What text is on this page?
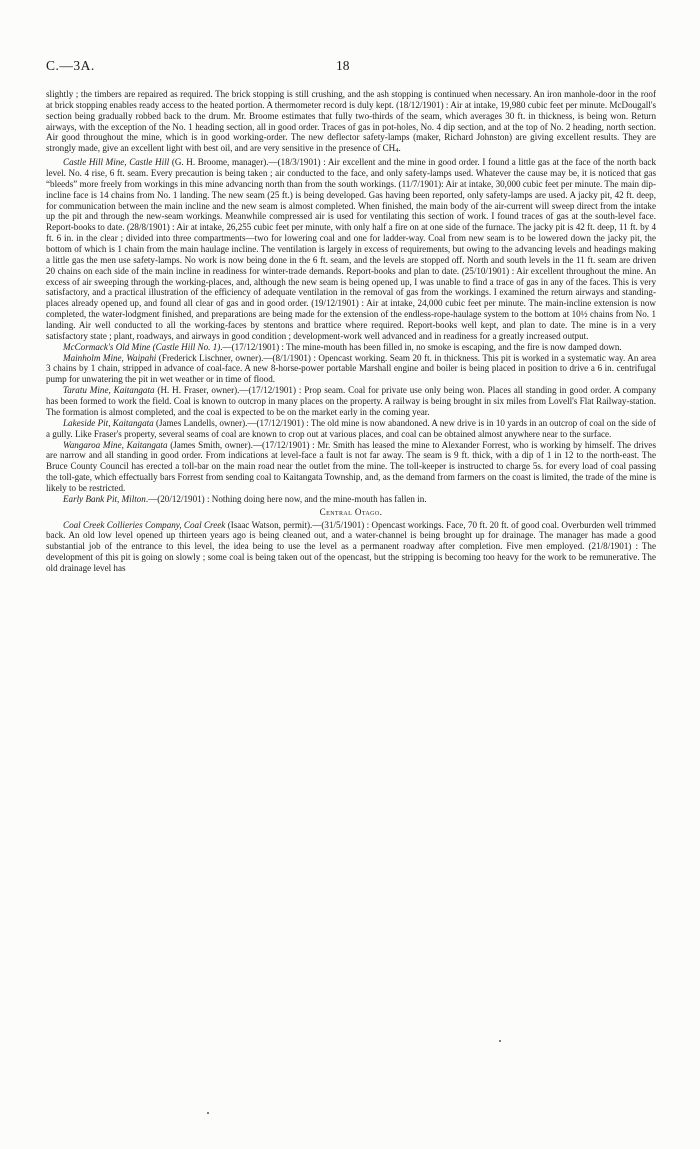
C.—3A.	18

slightly ; the timbers are repaired as required. The brick stopping is still crushing, and the ash stopping is continued when necessary. An iron manhole-door in the roof at brick stopping enables ready access to the heated portion. A thermometer record is duly kept. (18/12/1901) : Air at intake, 19,980 cubic feet per minute. McDougall's section being gradually robbed back to the drum. Mr. Broome estimates that fully two-thirds of the seam, which averages 30 ft. in thickness, is being won. Return airways, with the exception of the No. 1 heading section, all in good order. Traces of gas in pot-holes, No. 4 dip section, and at the top of No. 2 heading, north section. Air good throughout the mine, which is in good working-order. The new deflector safety-lamps (maker, Richard Johnston) are giving excellent results. They are strongly made, give an excellent light with best oil, and are very sensitive in the presence of CH4.

Castle Hill Mine, Castle Hill (G. H. Broome, manager).—(18/3/1901) : Air excellent and the mine in good order. I found a little gas at the face of the north back level. No. 4 rise, 6 ft. seam. Every precaution is being taken ; air conducted to the face, and only safety-lamps used. Whatever the cause may be, it is noticed that gas “bleeds” more freely from workings in this mine advancing north than from the south workings. (11/7/1901): Air at intake, 30,000 cubic feet per minute. The main dip-incline face is 14 chains from No. 1 landing. The new seam (25 ft.) is being developed. Gas having been reported, only safety-lamps are used. A jacky pit, 42 ft. deep, for communication between the main incline and the new seam is almost completed. When finished, the main body of the air-current will sweep direct from the intake up the pit and through the new-seam workings. Meanwhile compressed air is used for ventilating this section of work. I found traces of gas at the south-level face. Report-books to date. (28/8/1901) : Air at intake, 26,255 cubic feet per minute, with only half a fire on at one side of the furnace. The jacky pit is 42 ft. deep, 11 ft. by 4 ft. 6 in. in the clear ; divided into three compartments—two for lowering coal and one for ladder-way. Coal from new seam is to be lowered down the jacky pit, the bottom of which is 1 chain from the main haulage incline. The ventilation is largely in excess of requirements, but owing to the advancing levels and headings making a little gas the men use safety-lamps. No work is now being done in the 6 ft. seam, and the levels are stopped off. North and south levels in the 11 ft. seam are driven 20 chains on each side of the main incline in readiness for winter-trade demands. Report-books and plan to date. (25/10/1901) : Air excellent throughout the mine. An excess of air sweeping through the working-places, and, although the new seam is being opened up, I was unable to find a trace of gas in any of the faces. This is very satisfactory, and a practical illustration of the efficiency of adequate ventilation in the removal of gas from the workings. I examined the return airways and standing-places already opened up, and found all clear of gas and in good order. (19/12/1901) : Air at intake, 24,000 cubic feet per minute. The main-incline extension is now completed, the water-lodgment finished, and preparations are being made for the extension of the endless-rope-haulage system to the bottom at 10½ chains from No. 1 landing. Air well conducted to all the working-faces by stentons and brattice where required. Report-books well kept, and plan to date. The mine is in a very satisfactory state ; plant, roadways, and airways in good condition ; development-work well advanced and in readiness for a greatly increased output.

McCormack's Old Mine (Castle Hill No. 1).—(17/12/1901) : The mine-mouth has been filled in, no smoke is escaping, and the fire is now damped down.

Mainholm Mine, Waipahi (Frederick Lischner, owner).—(8/1/1901) : Opencast working. Seam 20 ft. in thickness. This pit is worked in a systematic way. An area 3 chains by 1 chain, stripped in advance of coal-face. A new 8-horse-power portable Marshall engine and boiler is being placed in position to drive a 6 in. centrifugal pump for unwatering the pit in wet weather or in time of flood.

Taratu Mine, Kaitangata (H. H. Fraser, owner).—(17/12/1901) : Prop seam. Coal for private use only being won. Places all standing in good order. A company has been formed to work the field. Coal is known to outcrop in many places on the property. A railway is being brought in six miles from Lovell's Flat Railway-station. The formation is almost completed, and the coal is expected to be on the market early in the coming year.

Lakeside Pit, Kaitangata (James Landells, owner).—(17/12/1901) : The old mine is now abandoned. A new drive is in 10 yards in an outcrop of coal on the side of a gully. Like Fraser's property, several seams of coal are known to crop out at various places, and coal can be obtained almost anywhere near to the surface.

Wangaroa Mine, Kaitangata (James Smith, owner).—(17/12/1901) : Mr. Smith has leased the mine to Alexander Forrest, who is working by himself. The drives are narrow and all standing in good order. From indications at level-face a fault is not far away. The seam is 9 ft. thick, with a dip of 1 in 12 to the north-east. The Bruce County Council has erected a toll-bar on the main road near the outlet from the mine. The toll-keeper is instructed to charge 5s. for every load of coal passing the toll-gate, which effectually bars Forrest from sending coal to Kaitangata Township, and, as the demand from farmers on the coast is limited, the trade of the mine is likely to be restricted.

Early Bank Pit, Milton.—(20/12/1901) : Nothing doing here now, and the mine-mouth has fallen in.

Central Otago.

Coal Creek Collieries Company, Coal Creek (Isaac Watson, permit).—(31/5/1901) : Opencast workings. Face, 70 ft. 20 ft. of good coal. Overburden well trimmed back. An old low level opened up thirteen years ago is being cleaned out, and a water-channel is being brought up for drainage. The manager has made a good substantial job of the entrance to this level, the idea being to use the level as a permanent roadway after completion. Five men employed. (21/8/1901) : The development of this pit is going on slowly ; some coal is being taken out of the opencast, but the stripping is becoming too heavy for the work to be remunerative. The old drainage level has
